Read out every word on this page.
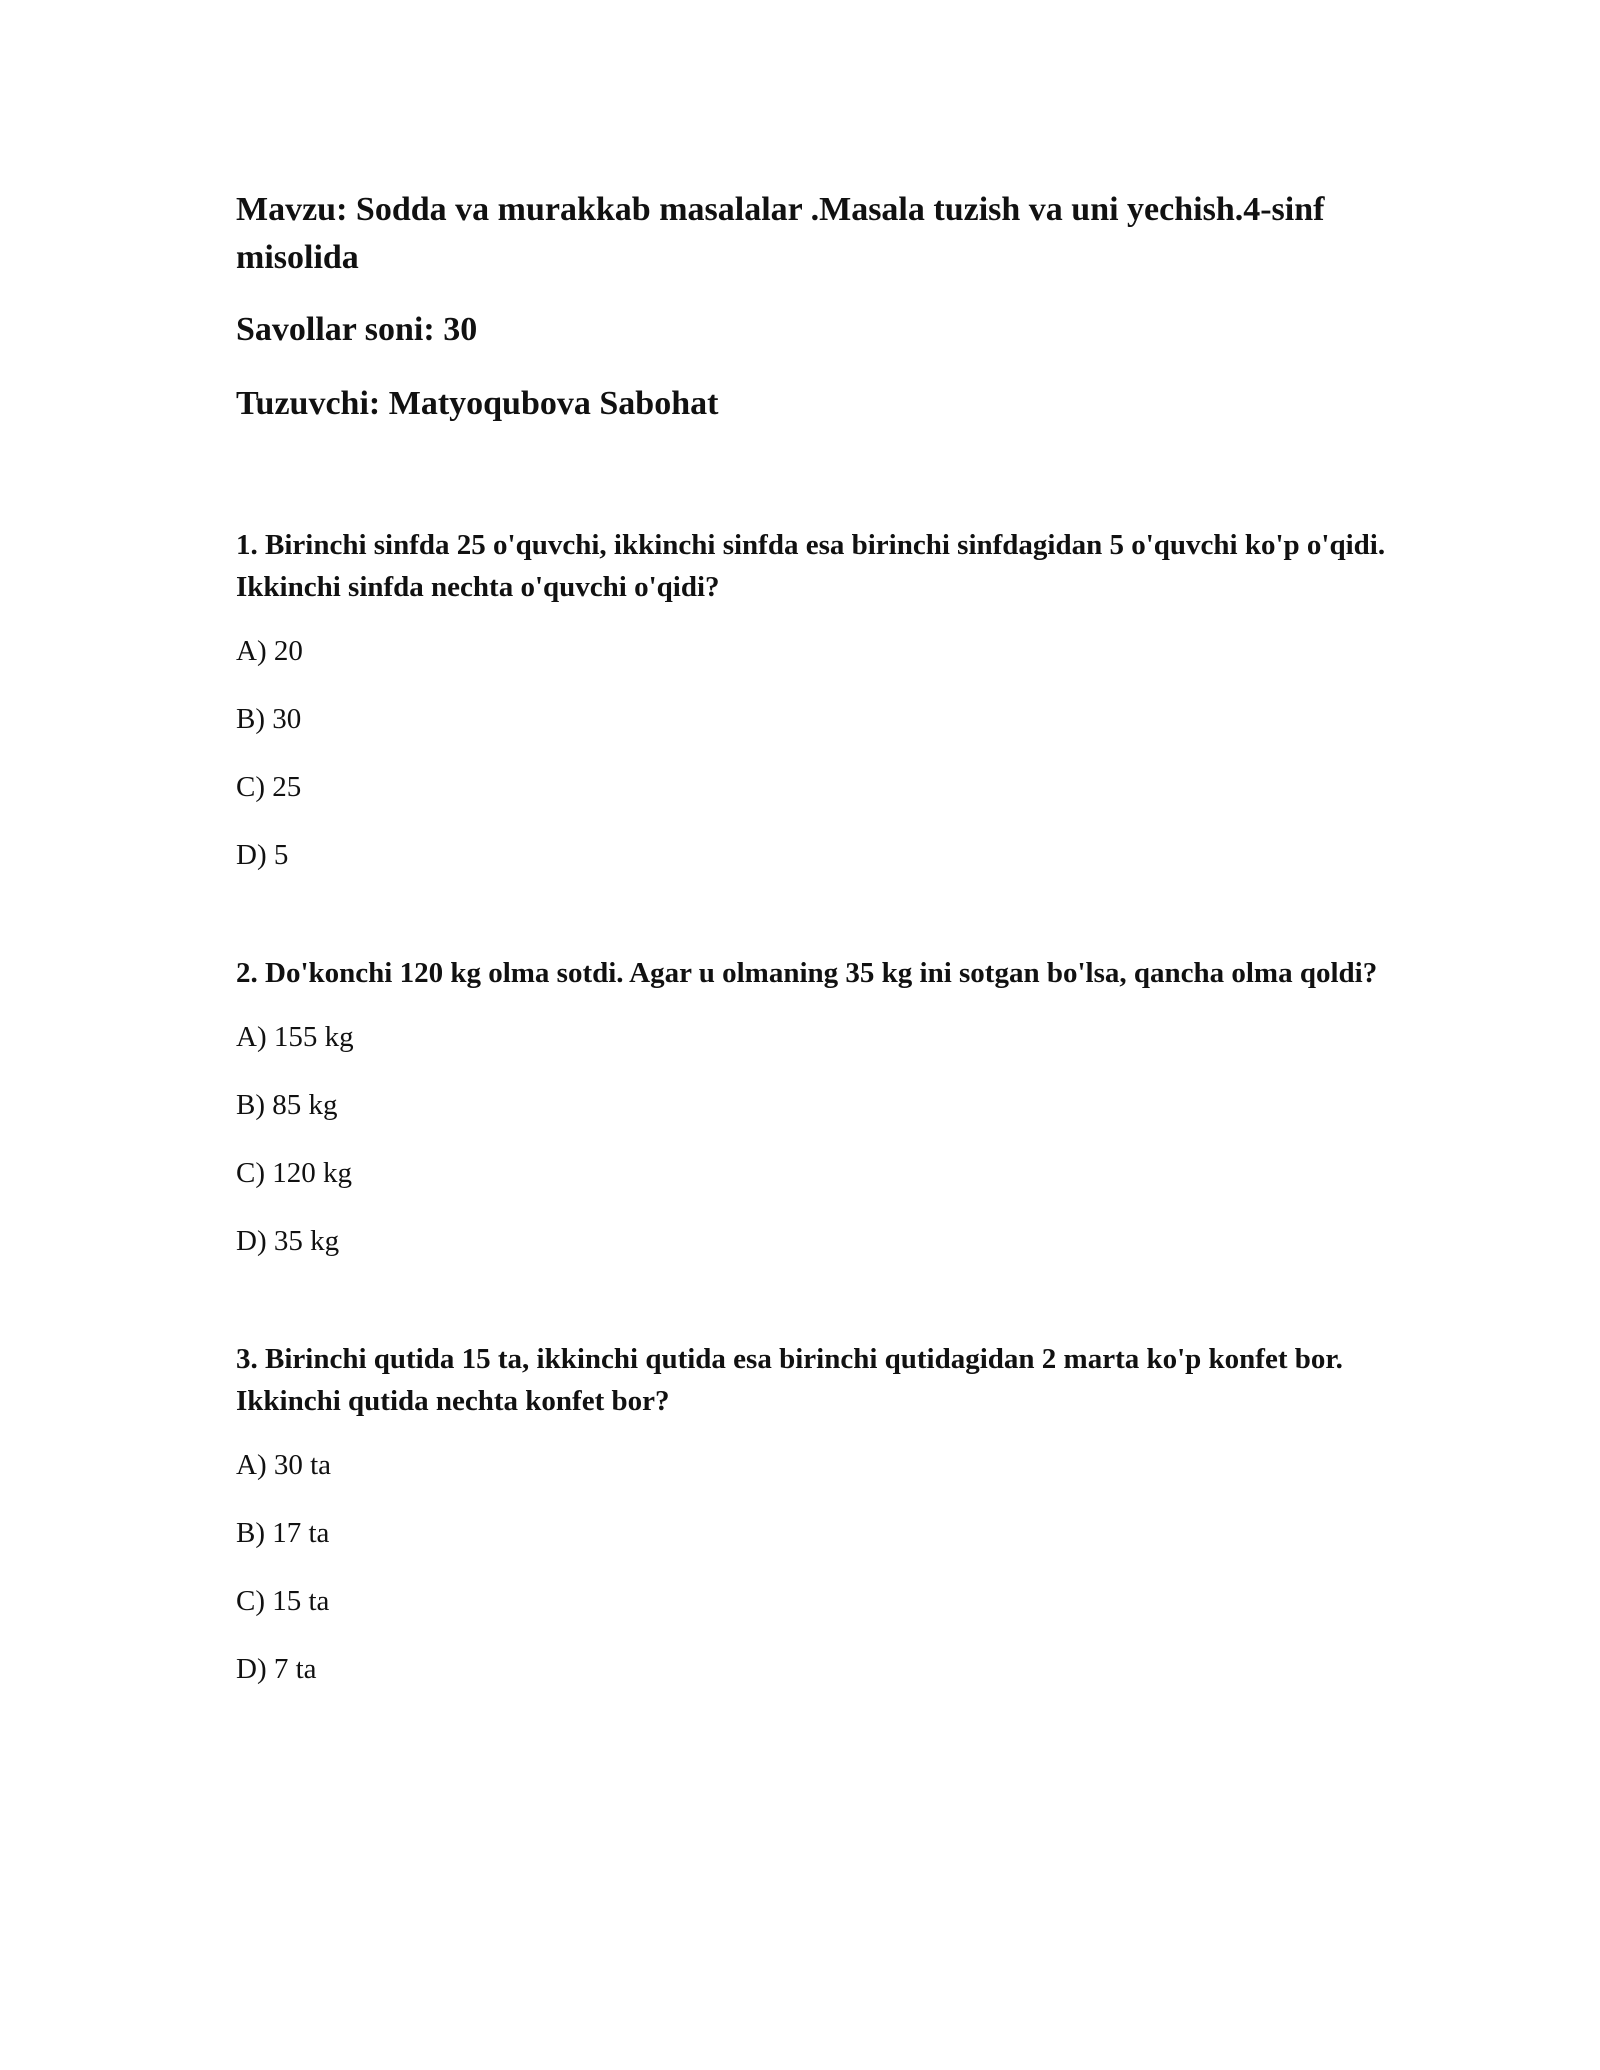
Mavzu: Sodda va murakkab masalalar .Masala tuzish va uni yechish.4-sinf misolida

Savollar soni: 30

Tuzuvchi: Matyoqubova Sabohat

1. Birinchi sinfda 25 o'quvchi, ikkinchi sinfda esa birinchi sinfdagidan 5 o'quvchi ko'p o'qidi. Ikkinchi sinfda nechta o'quvchi o'qidi?

A) 20

B) 30

C) 25

D) 5

2. Do'konchi 120 kg olma sotdi. Agar u olmaning 35 kg ini sotgan bo'lsa, qancha olma qoldi?

A) 155 kg

B) 85 kg

C) 120 kg

D) 35 kg

3. Birinchi qutida 15 ta, ikkinchi qutida esa birinchi qutidagidan 2 marta ko'p konfet bor. Ikkinchi qutida nechta konfet bor?

A) 30 ta

B) 17 ta

C) 15 ta

D) 7 ta
